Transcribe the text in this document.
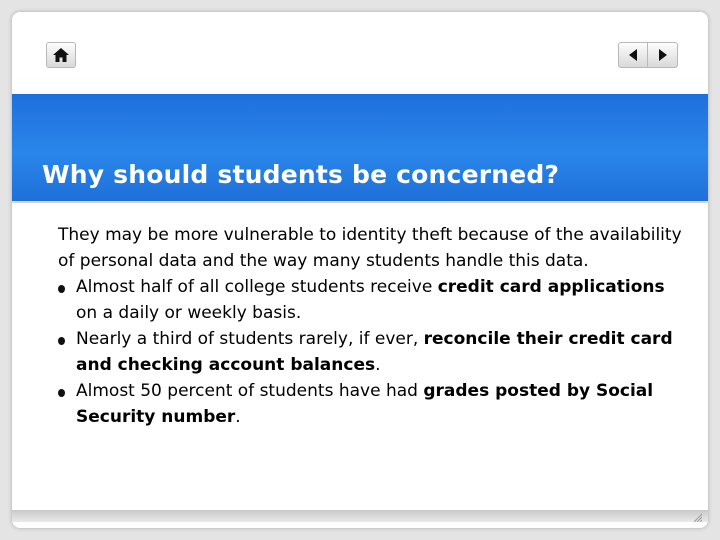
Why should students be concerned?

They may be more vulnerable to identity theft because of the availability of personal data and the way many students handle this data.

Almost half of all college students receive credit card applications on a daily or weekly basis.
Nearly a third of students rarely, if ever, reconcile their credit card and checking account balances.
Almost 50 percent of students have had grades posted by Social Security number.
